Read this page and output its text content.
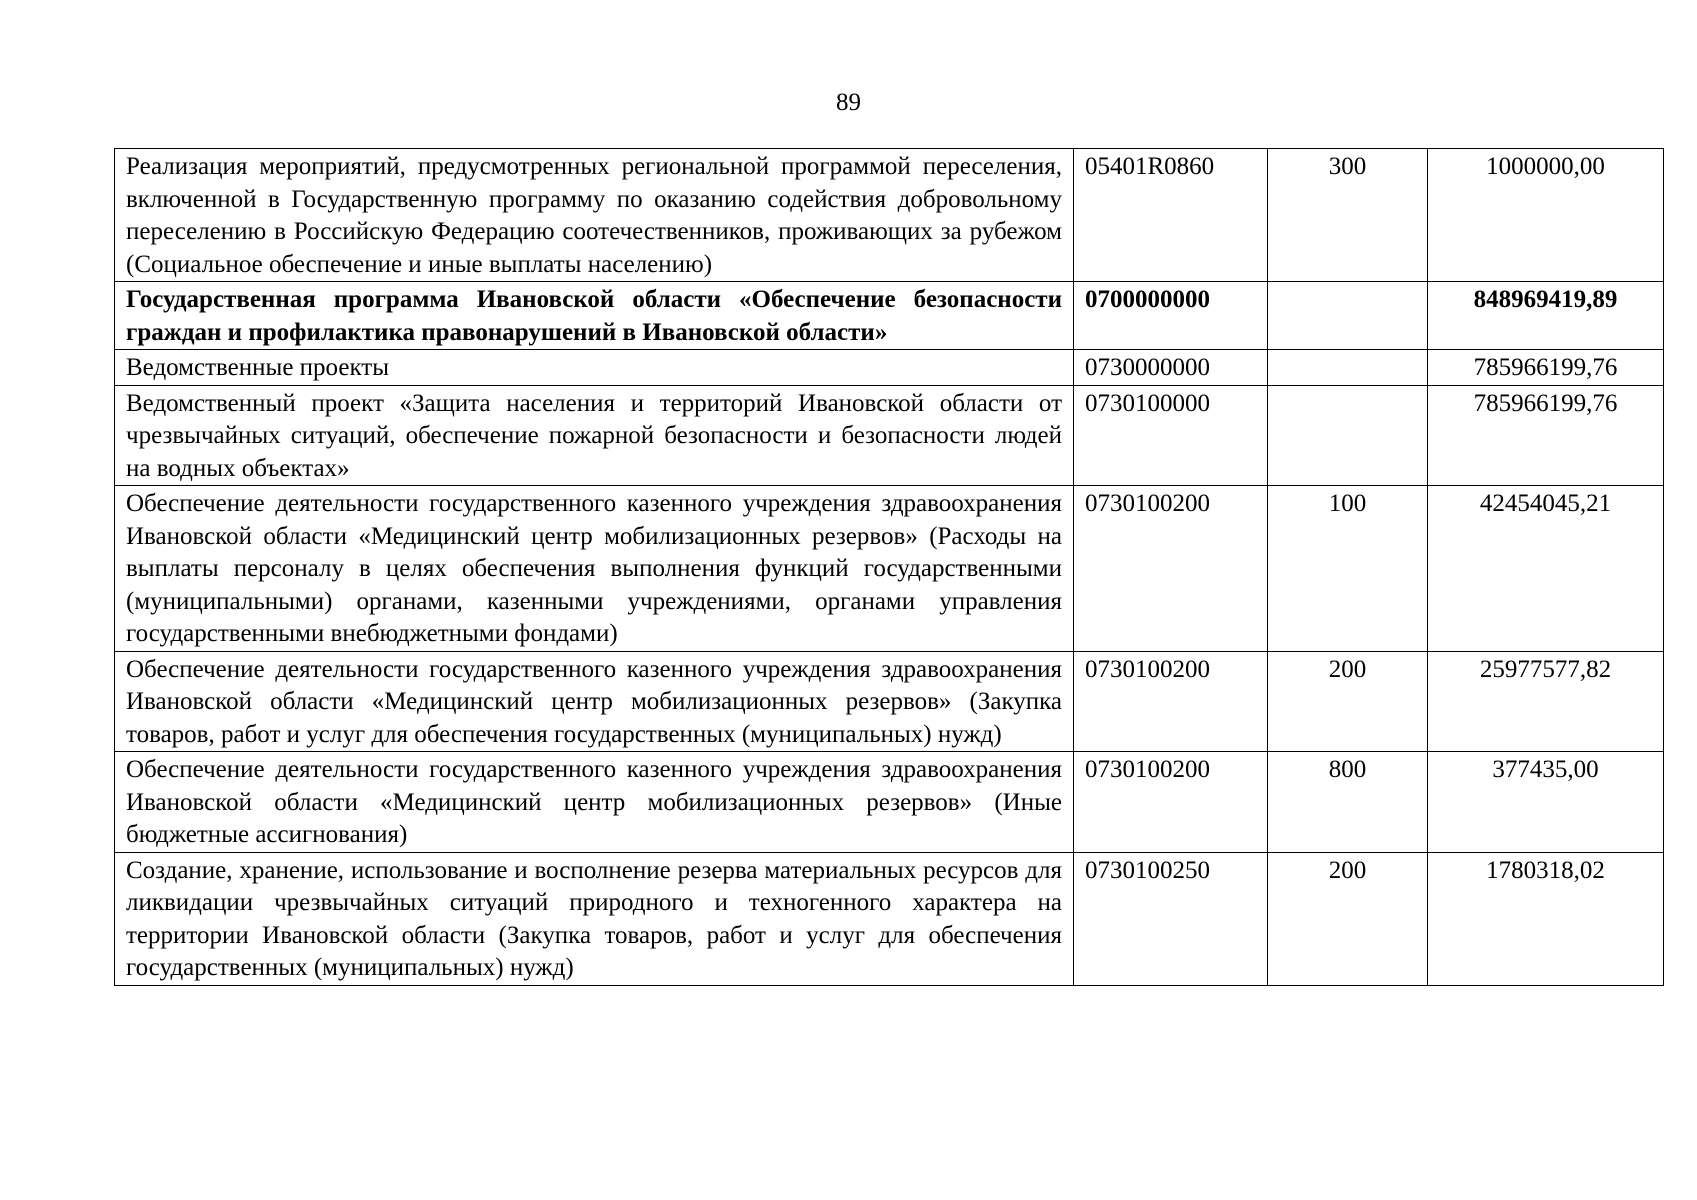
89
Реализация мероприятий, предусмотренных региональной программой переселения, включенной в Государственную программу по оказанию содействия добровольному переселению в Российскую Федерацию соотечественников, проживающих за рубежом (Социальное обеспечение и иные выплаты населению)	05401R0860	300	1000000,00
Государственная программа Ивановской области «Обеспечение безопасности граждан и профилактика правонарушений в Ивановской области»	0700000000		848969419,89
Ведомственные проекты	0730000000		785966199,76
Ведомственный проект «Защита населения и территорий Ивановской области от чрезвычайных ситуаций, обеспечение пожарной безопасности и безопасности людей на водных объектах»	0730100000		785966199,76
Обеспечение деятельности государственного казенного учреждения здравоохранения Ивановской области «Медицинский центр мобилизационных резервов» (Расходы на выплаты персоналу в целях обеспечения выполнения функций государственными (муниципальными) органами, казенными учреждениями, органами управления государственными внебюджетными фондами)	0730100200	100	42454045,21
Обеспечение деятельности государственного казенного учреждения здравоохранения Ивановской области «Медицинский центр мобилизационных резервов» (Закупка товаров, работ и услуг для обеспечения государственных (муниципальных) нужд)	0730100200	200	25977577,82
Обеспечение деятельности государственного казенного учреждения здравоохранения Ивановской области «Медицинский центр мобилизационных резервов» (Иные бюджетные ассигнования)	0730100200	800	377435,00
Создание, хранение, использование и восполнение резерва материальных ресурсов для ликвидации чрезвычайных ситуаций природного и техногенного характера на территории Ивановской области (Закупка товаров, работ и услуг для обеспечения государственных (муниципальных) нужд)	0730100250	200	1780318,02
